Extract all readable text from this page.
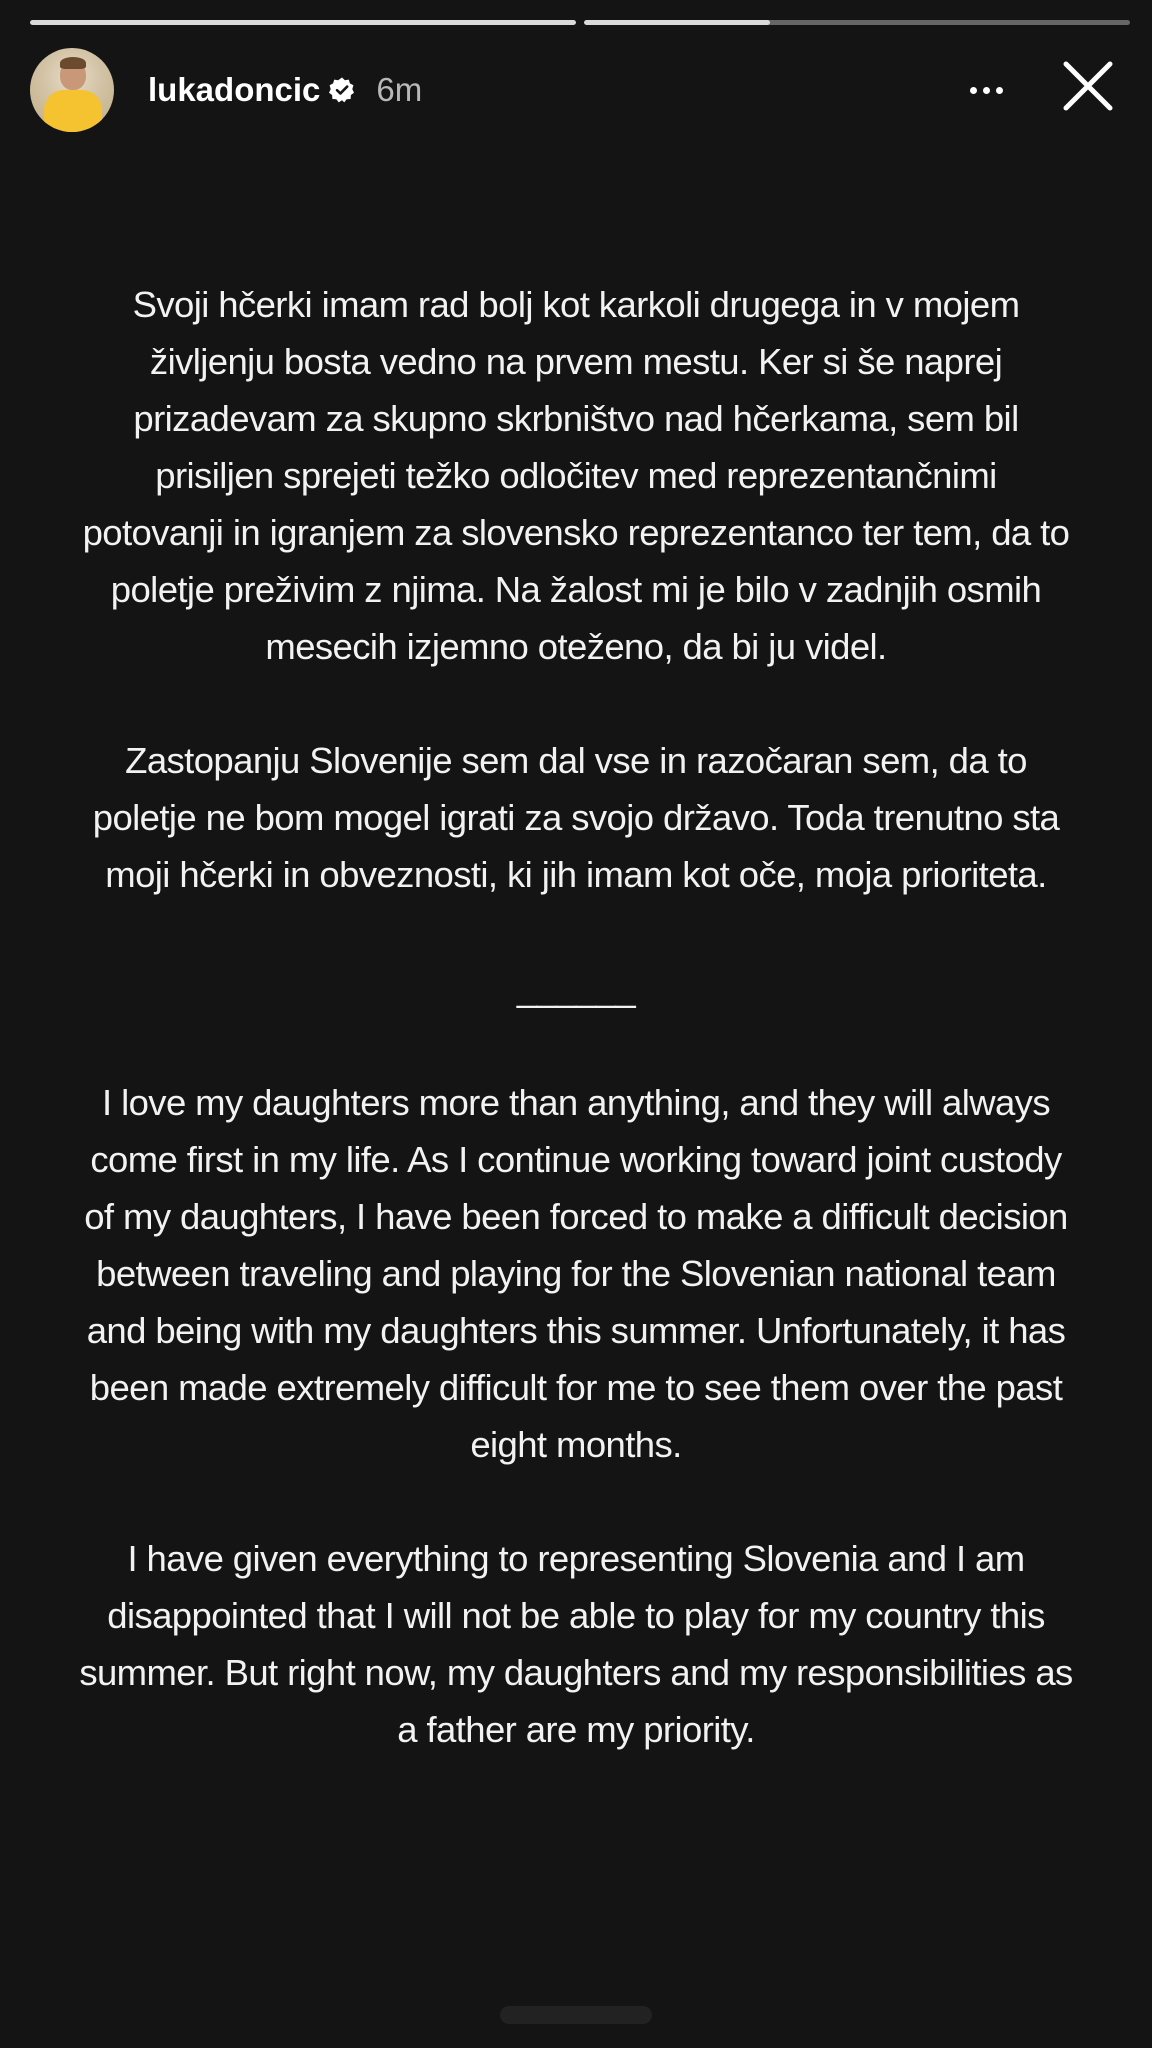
lukadoncic 6m

Svoji hčerki imam rad bolj kot karkoli drugega in v mojem
življenju bosta vedno na prvem mestu. Ker si še naprej
prizadevam za skupno skrbništvo nad hčerkama, sem bil
prisiljen sprejeti težko odločitev med reprezentančnimi
potovanji in igranjem za slovensko reprezentanco ter tem, da to
poletje preživim z njima. Na žalost mi je bilo v zadnjih osmih
mesecih izjemno oteženo, da bi ju videl.

Zastopanju Slovenije sem dal vse in razočaran sem, da to
poletje ne bom mogel igrati za svojo državo. Toda trenutno sta
moji hčerki in obveznosti, ki jih imam kot oče, moja prioriteta.

______

I love my daughters more than anything, and they will always
come first in my life. As I continue working toward joint custody
of my daughters, I have been forced to make a difficult decision
between traveling and playing for the Slovenian national team
and being with my daughters this summer. Unfortunately, it has
been made extremely difficult for me to see them over the past
eight months.

I have given everything to representing Slovenia and I am
disappointed that I will not be able to play for my country this
summer. But right now, my daughters and my responsibilities as
a father are my priority.
